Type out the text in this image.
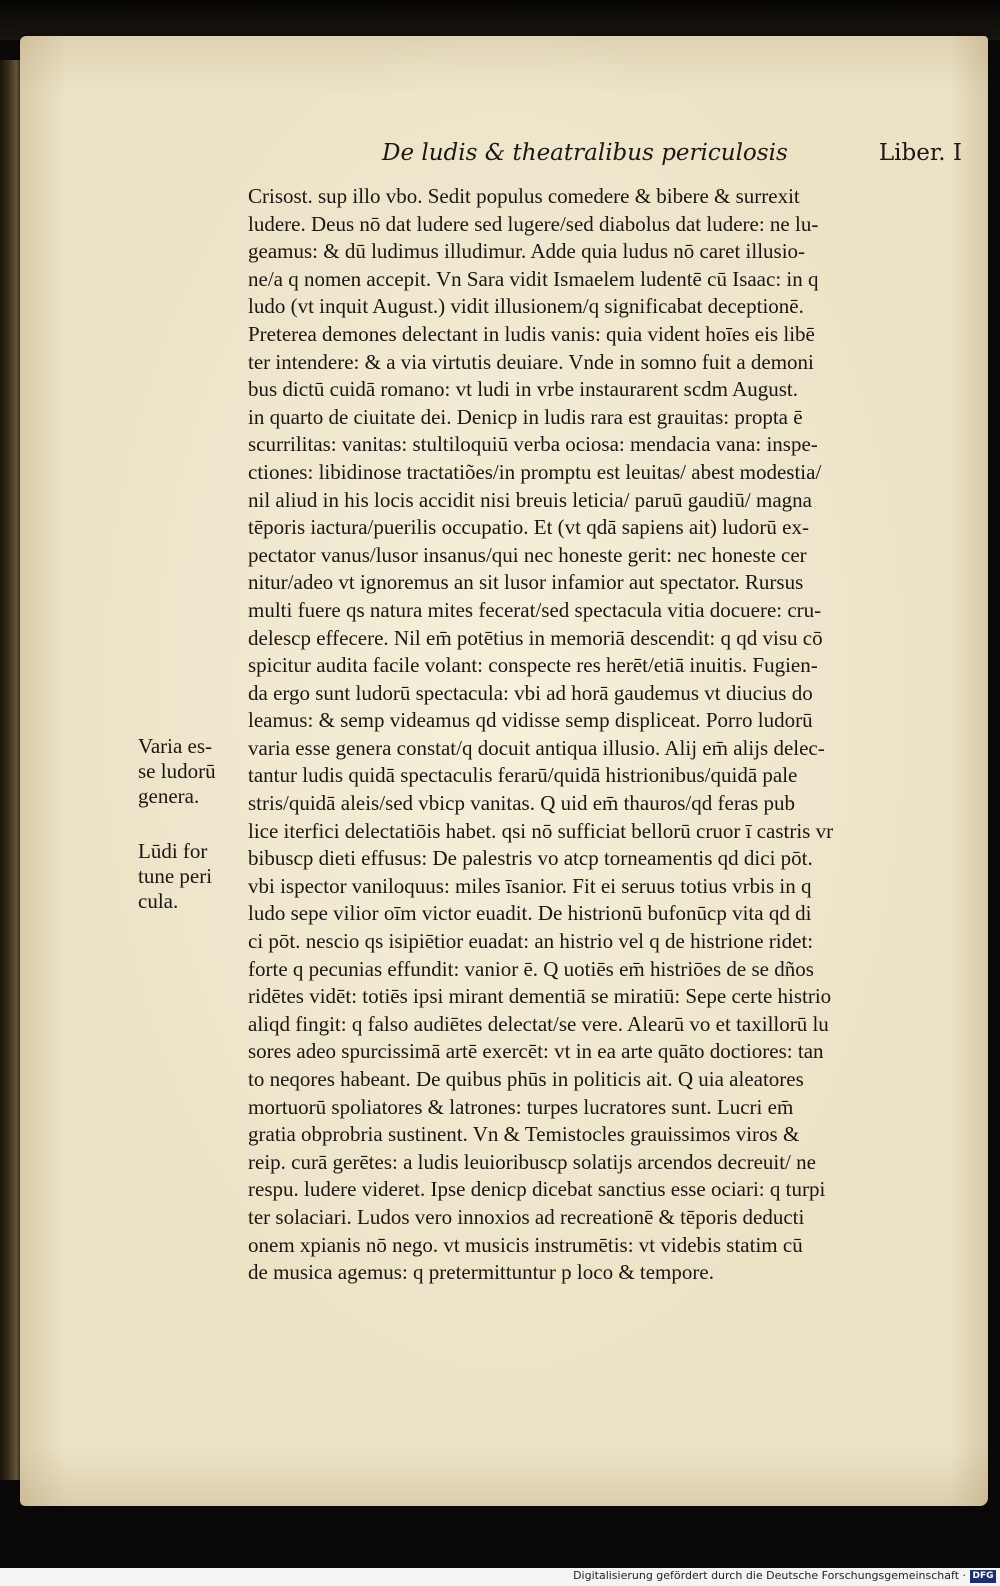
De ludis & theatralibus periculosis	Liber. I
Varia es-
se ludorū
genera.
Lūdi for
tune peri
cula.
Crisost. sup illo vbo. Sedit populus comedere & bibere & surrexit
ludere. Deus nō dat ludere sed lugere/sed diabolus dat ludere: ne lu-
geamus: & dū ludimus illudimur. Adde quia ludus nō caret illusio-
ne/a q nomen accepit. Vn Sara vidit Ismaelem ludentē cū Isaac: in q
ludo (vt inquit August.) vidit illusionem/q significabat deceptionē.
Preterea demones delectant in ludis vanis: quia vident hoīes eis libē
ter intendere: & a via virtutis deuiare. Vnde in somno fuit a demoni
bus dictū cuidā romano: vt ludi in vrbe instaurarent scdm August.
in quarto de ciuitate dei. Denicp in ludis rara est grauitas: propta ē
scurrilitas: vanitas: stultiloquiū verba ociosa: mendacia vana: inspe-
ctiones: libidinose tractatiões/in promptu est leuitas/ abest modestia/
nil aliud in his locis accidit nisi breuis leticia/ paruū gaudiū/ magna
tēporis iactura/puerilis occupatio. Et (vt qdā sapiens ait) ludorū ex-
pectator vanus/lusor insanus/qui nec honeste gerit: nec honeste cer
nitur/adeo vt ignoremus an sit lusor infamior aut spectator. Rursus
multi fuere qs natura mites fecerat/sed spectacula vitia docuere: cru-
delescp effecere. Nil em̄ potētius in memoriā descendit: q qd visu cō
spicitur audita facile volant: conspecte res herēt/etiā inuitis. Fugien-
da ergo sunt ludorū spectacula: vbi ad horā gaudemus vt diucius do
leamus: & semp videamus qd vidisse semp displiceat. Porro ludorū
varia esse genera constat/q docuit antiqua illusio. Alij em̄ alijs delec-
tantur ludis quidā spectaculis ferarū/quidā histrionibus/quidā pale
stris/quidā aleis/sed vbicp vanitas. Q uid em̄ thauros/qd feras pub
lice iterfici delectatiōis habet. qsi nō sufficiat bellorū cruor ī castris vr
bibuscp dieti effusus: De palestris vo atcp torneamentis qd dici pōt.
vbi ispector vaniloquus: miles īsanior. Fit ei seruus totius vrbis in q
ludo sepe vilior oīm victor euadit. De histrionū bufonūcp vita qd di
ci pōt. nescio qs isipiētior euadat: an histrio vel q de histrione ridet:
forte q pecunias effundit: vanior ē. Q uotiēs em̄ histriōes de se dños
ridētes vidēt: totiēs ipsi mirant dementiā se miratiū: Sepe certe histrio
aliqd fingit: q falso audiētes delectat/se vere. Alearū vo et taxillorū lu
sores adeo spurcissimā artē exercēt: vt in ea arte quāto doctiores: tan
to neqores habeant. De quibus phūs in politicis ait. Q uia aleatores
mortuorū spoliatores & latrones: turpes lucratores sunt. Lucri em̄
gratia obprobria sustinent. Vn & Temistocles grauissimos viros &
reip. curā gerētes: a ludis leuioribuscp solatijs arcendos decreuit/ ne
respu. ludere videret. Ipse denicp dicebat sanctius esse ociari: q turpi
ter solaciari. Ludos vero innoxios ad recreationē & tēporis deducti
onem xpianis nō nego. vt musicis instrumētis: vt videbis statim cū
de musica agemus: q pretermittuntur p loco & tempore.
Digitalisierung gefördert durch die Deutsche Forschungsgemeinschaft · DFG
